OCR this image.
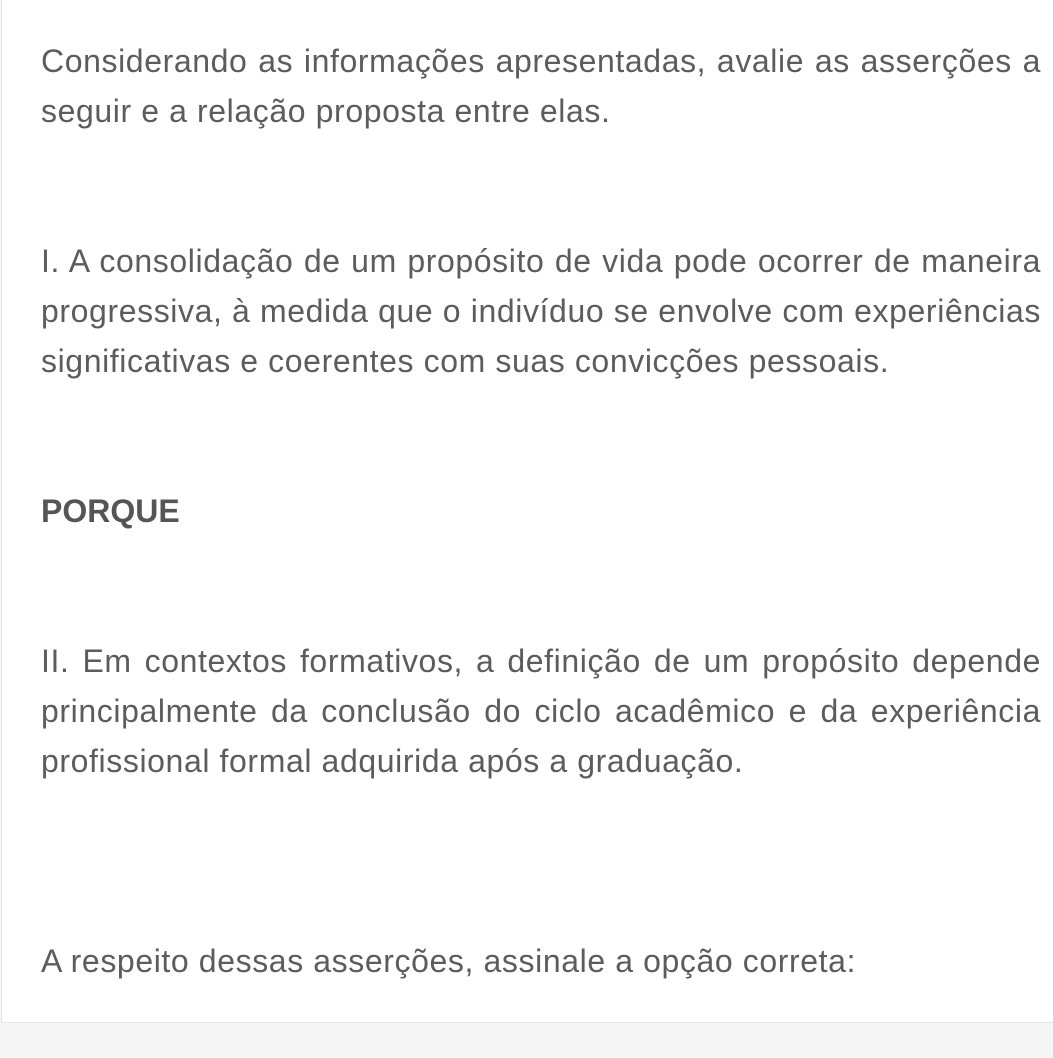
Considerando as informações apresentadas, avalie as asserções a seguir e a relação proposta entre elas.

I. A consolidação de um propósito de vida pode ocorrer de maneira progressiva, à medida que o indivíduo se envolve com experiências significativas e coerentes com suas convicções pessoais.

PORQUE

II. Em contextos formativos, a definição de um propósito depende principalmente da conclusão do ciclo acadêmico e da experiência profissional formal adquirida após a graduação.

A respeito dessas asserções, assinale a opção correta:
